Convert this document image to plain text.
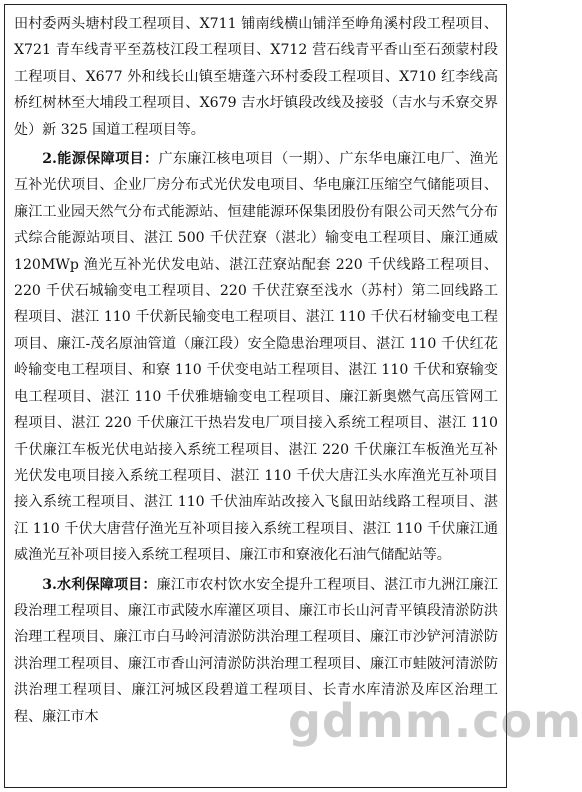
田村委两头塘村段工程项目、X711 铺南线横山铺洋至峥角溪村段工程项目、X721 青车线青平至荔枝江段工程项目、X712 营石线青平香山至石颈蒙村段工程项目、X677 外和线长山镇至塘蓬六环村委段工程项目、X710 红李线高桥红树林至大埔段工程项目、X679 吉水圩镇段改线及接驳（吉水与禾寮交界处）新 325 国道工程项目等。

2.能源保障项目：广东廉江核电项目（一期）、广东华电廉江电厂、渔光互补光伏项目、企业厂房分布式光伏发电项目、华电廉江压缩空气储能项目、廉江工业园天然气分布式能源站、恒建能源环保集团股份有限公司天然气分布式综合能源站项目、湛江 500 千伏茳寮（湛北）输变电工程项目、廉江通威 120MWp 渔光互补光伏发电站、湛江茳寮站配套 220 千伏线路工程项目、220 千伏石城输变电工程项目、220 千伏茳寮至浅水（苏村）第二回线路工程项目、湛江 110 千伏新民输变电工程项目、湛江 110 千伏石材输变电工程项目、廉江-茂名原油管道（廉江段）安全隐患治理项目、湛江 110 千伏红花岭输变电工程项目、和寮 110 千伏变电站工程项目、湛江 110 千伏和寮输变电工程项目、湛江 110 千伏雅塘输变电工程项目、廉江新奥燃气高压管网工程项目、湛江 220 千伏廉江干热岩发电厂项目接入系统工程项目、湛江 110 千伏廉江车板光伏电站接入系统工程项目、湛江 220 千伏廉江车板渔光互补光伏发电项目接入系统工程项目、湛江 110 千伏大唐江头水库渔光互补项目接入系统工程项目、湛江 110 千伏油库站改接入飞鼠田站线路工程项目、湛江 110 千伏大唐营仔渔光互补项目接入系统工程项目、湛江 110 千伏廉江通威渔光互补项目接入系统工程项目、廉江市和寮液化石油气储配站等。

3.水利保障项目：廉江市农村饮水安全提升工程项目、湛江市九洲江廉江段治理工程项目、廉江市武陵水库灌区项目、廉江市长山河青平镇段清淤防洪治理工程项目、廉江市白马岭河清淤防洪治理工程项目、廉江市沙铲河清淤防洪治理工程项目、廉江市香山河清淤防洪治理工程项目、廉江市蛙陂河清淤防洪治理工程项目、廉江河城区段碧道工程项目、长青水库清淤及库区治理工程、廉江市木	gdmm.com
